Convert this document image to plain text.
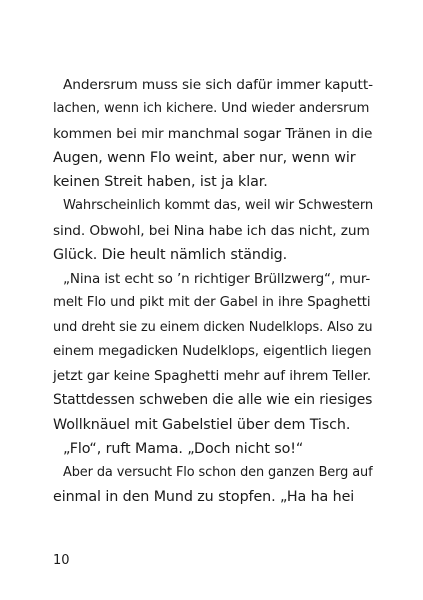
Andersrum muss sie sich dafür immer kaputt-
lachen, wenn ich kichere. Und wieder andersrum
kommen bei mir manchmal sogar Tränen in die
Augen, wenn Flo weint, aber nur, wenn wir
keinen Streit haben, ist ja klar.
Wahrscheinlich kommt das, weil wir Schwestern
sind. Obwohl, bei Nina habe ich das nicht, zum
Glück. Die heult nämlich ständig.
„Nina ist echt so ’n richtiger Brüllzwerg“, mur-
melt Flo und pikt mit der Gabel in ihre Spaghetti
und dreht sie zu einem dicken Nudelklops. Also zu
einem megadicken Nudelklops, eigentlich liegen
jetzt gar keine Spaghetti mehr auf ihrem Teller.
Stattdessen schweben die alle wie ein riesiges
Wollknäuel mit Gabelstiel über dem Tisch.
„Flo“, ruft Mama. „Doch nicht so!“
Aber da versucht Flo schon den ganzen Berg auf
einmal in den Mund zu stopfen. „Ha ha hei
10
